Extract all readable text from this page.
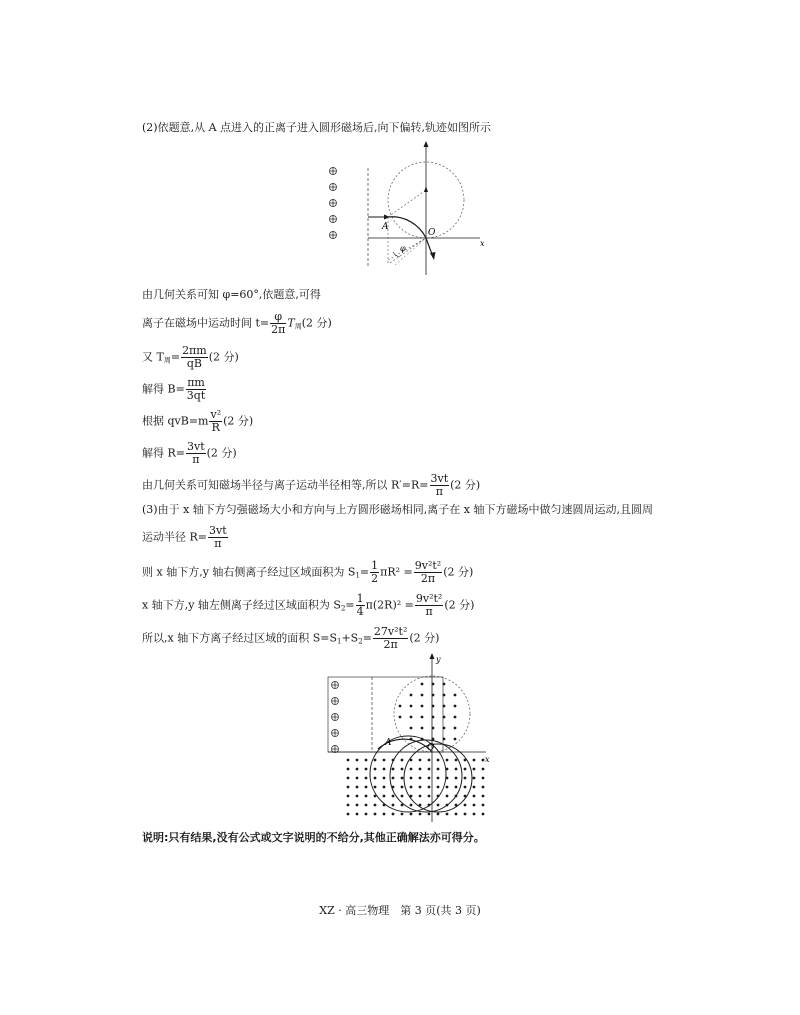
(2)依题意,从 A 点进入的正离子进入圆形磁场后,向下偏转,轨迹如图所示
A
O
x
φ
由几何关系可知 φ=60°,依题意,可得
离子在磁场中运动时间 $t= \frac{\varphi}{2\pi} T_周(2$ 分)
又 $T_周= \frac{2\pi m}{qB} (2$ 分)
解得 $B= \frac{\pi m}{3qt}$
根据 $qvB=m \frac{\text{v²}}{R} (2$ 分)
解得 $R= \frac{3vt}{\pi} (2$ 分)
由几何关系可知磁场半径与离子运动半径相等,所以 $R'=R= \frac{3vt}{\pi} (2$ 分)
(3)由于 x 轴下方匀强磁场大小和方向与上方圆形磁场相同,离子在 x 轴下方磁场中做匀速圆周运动,且圆周
运动半径 $R= \frac{3vt}{\pi}$
则 x 轴下方,y 轴右侧离子经过区域面积为 $S_1= \frac{1}{2} \pi R^2 = \frac{\text{9v²t²}}{2\pi} (2$ 分)
x 轴下方,y 轴左侧离子经过区域面积为 $S_2= \frac{1}{4} \pi(2R)^2 = \frac{\text{9v²t²}}{\pi} (2$ 分)
所以,x 轴下方离子经过区域的面积 $S=S_1+S_2= \frac{\text{27v²t²}}{2\pi} (2$ 分)
A	O
x
y
说明:只有结果,没有公式或文字说明的不给分,其他正确解法亦可得分。
XZ · 高三物理　第 3 页(共 3 页)
